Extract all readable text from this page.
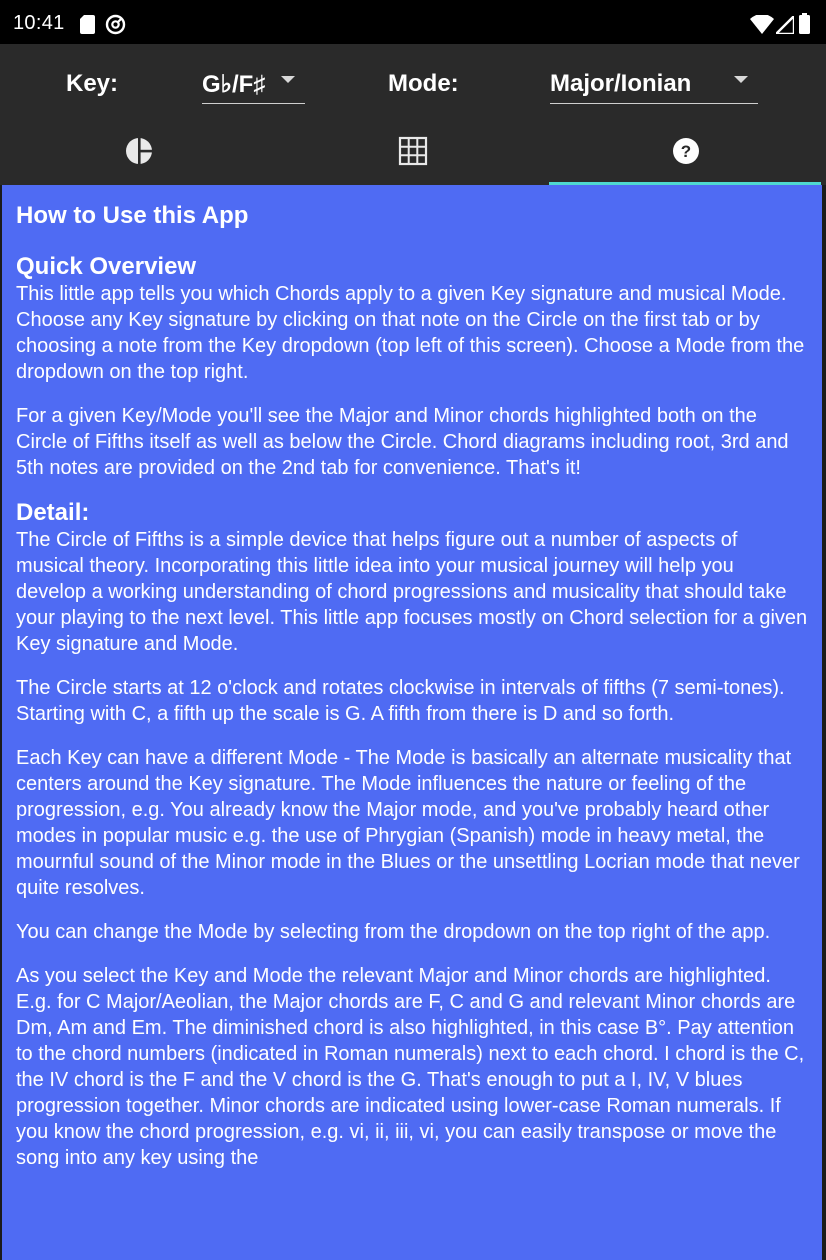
10:41
Key:	G♭/F♯	Mode:	Major/Ionian
?
How to Use this App
Quick Overview

This little app tells you which Chords apply to a given Key signature and musical Mode. Choose any Key signature by clicking on that note on the Circle on the first tab or by choosing a note from the Key dropdown (top left of this screen). Choose a Mode from the dropdown on the top right.

For a given Key/Mode you'll see the Major and Minor chords highlighted both on the Circle of Fifths itself as well as below the Circle. Chord diagrams including root, 3rd and 5th notes are provided on the 2nd tab for convenience. That's it!

Detail:

The Circle of Fifths is a simple device that helps figure out a number of aspects of musical theory. Incorporating this little idea into your musical journey will help you develop a working understanding of chord progressions and musicality that should take your playing to the next level. This little app focuses mostly on Chord selection for a given Key signature and Mode.

The Circle starts at 12 o'clock and rotates clockwise in intervals of fifths (7 semi-tones). Starting with C, a fifth up the scale is G. A fifth from there is D and so forth.

Each Key can have a different Mode - The Mode is basically an alternate musicality that centers around the Key signature. The Mode influences the nature or feeling of the progression, e.g. You already know the Major mode, and you've probably heard other modes in popular music e.g. the use of Phrygian (Spanish) mode in heavy metal, the mournful sound of the Minor mode in the Blues or the unsettling Locrian mode that never quite resolves.

You can change the Mode by selecting from the dropdown on the top right of the app.

As you select the Key and Mode the relevant Major and Minor chords are highlighted. E.g. for C Major/Aeolian, the Major chords are F, C and G and relevant Minor chords are Dm, Am and Em. The diminished chord is also highlighted, in this case B°. Pay attention to the chord numbers (indicated in Roman numerals) next to each chord. I chord is the C, the IV chord is the F and the V chord is the G. That's enough to put a I, IV, V blues progression together. Minor chords are indicated using lower-case Roman numerals. If you know the chord progression, e.g. vi, ii, iii, vi, you can easily transpose or move the song into any key using the
